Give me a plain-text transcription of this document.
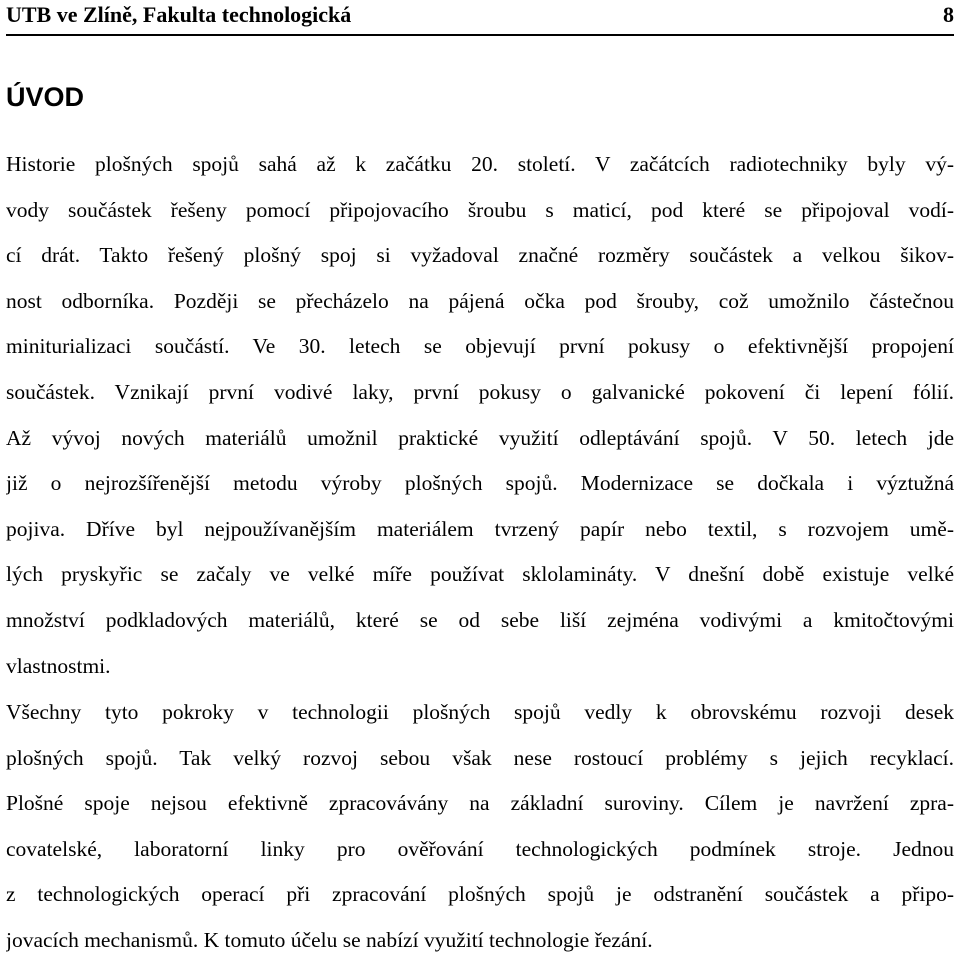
UTB ve Zlíně, Fakulta technologická	8
ÚVOD
Historie plošných spojů sahá až k začátku 20. století. V začátcích radiotechniky byly vý-
vody součástek řešeny pomocí připojovacího šroubu s maticí, pod které se připojoval vodí-
cí drát. Takto řešený plošný spoj si vyžadoval značné rozměry součástek a velkou šikov-
nost odborníka. Později se přecházelo na pájená očka pod šrouby, což umožnilo částečnou
miniturializaci součástí. Ve 30. letech se objevují první pokusy o efektivnější propojení
součástek. Vznikají první vodivé laky, první pokusy o galvanické pokovení či lepení fólií.
Až vývoj nových materiálů umožnil praktické využití odleptávání spojů. V 50. letech jde
již o nejrozšířenější metodu výroby plošných spojů. Modernizace se dočkala i výztužná
pojiva. Dříve byl nejpoužívanějším materiálem tvrzený papír nebo textil, s rozvojem umě-
lých pryskyřic se začaly ve velké míře používat sklolamináty. V dnešní době existuje velké
množství podkladových materiálů, které se od sebe liší zejména vodivými a kmitočtovými
vlastnostmi.
Všechny tyto pokroky v technologii plošných spojů vedly k obrovskému rozvoji desek
plošných spojů. Tak velký rozvoj sebou však nese rostoucí problémy s jejich recyklací.
Plošné spoje nejsou efektivně zpracovávány na základní suroviny. Cílem je navržení zpra-
covatelské, laboratorní linky pro ověřování technologických podmínek stroje. Jednou
z technologických operací při zpracování plošných spojů je odstranění součástek a připo-
jovacích mechanismů. K tomuto účelu se nabízí využití technologie řezání.
